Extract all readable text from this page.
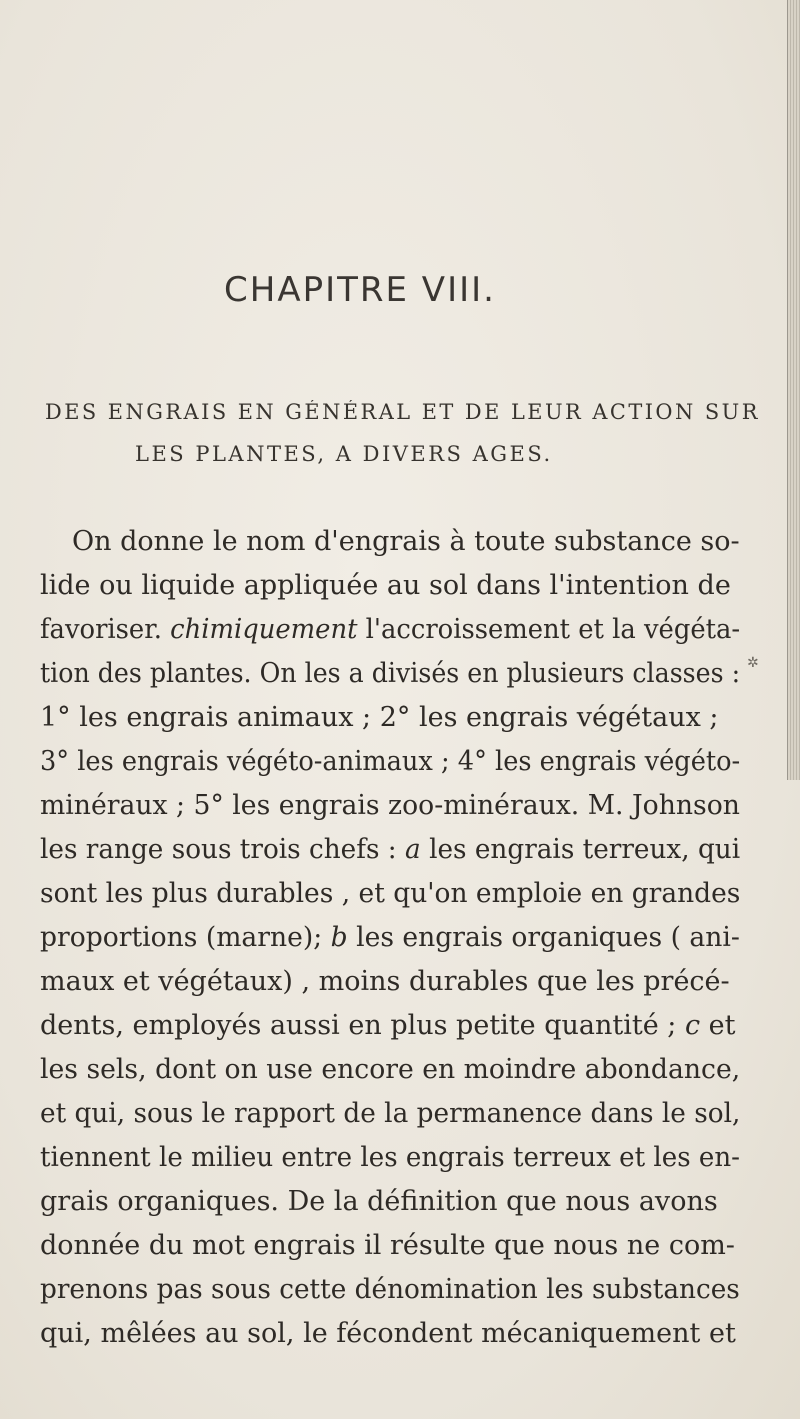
✲
CHAPITRE VIII.
DES ENGRAIS EN GÉNÉRAL ET DE LEUR ACTION SUR
LES PLANTES, A DIVERS AGES.
On donne le nom d'engrais à toute substance so-
lide ou liquide appliquée au sol dans l'intention de
favoriser. chimiquement l'accroissement et la végéta-
tion des plantes. On les a divisés en plusieurs classes :
1° les engrais animaux ; 2° les engrais végétaux ;
3° les engrais végéto-animaux ; 4° les engrais végéto-
minéraux ; 5° les engrais zoo-minéraux. M. Johnson
les range sous trois chefs : a les engrais terreux, qui
sont les plus durables , et qu'on emploie en grandes
proportions (marne); b les engrais organiques ( ani-
maux et végétaux) , moins durables que les précé-
dents, employés aussi en plus petite quantité ; c et
les sels, dont on use encore en moindre abondance,
et qui, sous le rapport de la permanence dans le sol,
tiennent le milieu entre les engrais terreux et les en-
grais organiques. De la définition que nous avons
donnée du mot engrais il résulte que nous ne com-
prenons pas sous cette dénomination les substances
qui, mêlées au sol, le fécondent mécaniquement et
